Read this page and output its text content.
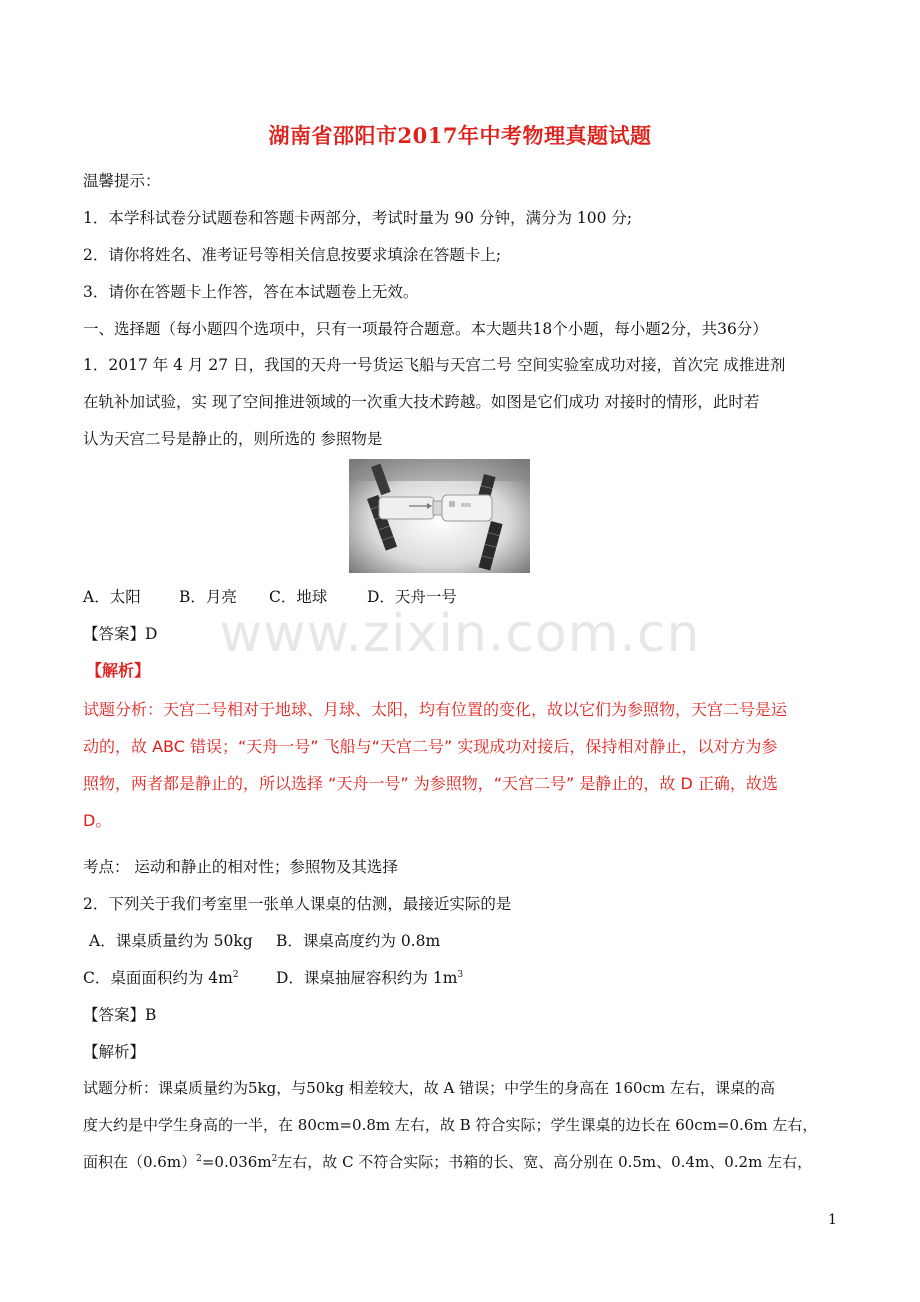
湖南省邵阳市2017年中考物理真题试题
温馨提示：
1．本学科试卷分试题卷和答题卡两部分，考试时量为 90 分钟，满分为 100 分;
2．请你将姓名、准考证号等相关信息按要求填涂在答题卡上;
3．请你在答题卡上作答，答在本试题卷上无效。
一、选择题（每小题四个选项中，只有一项最符合题意。本大题共18个小题，每小题2分，共36分）
1．2017 年 4 月 27 日，我国的天舟一号货运飞船与天宫二号 空间实验室成功对接，首次完 成推进剂
在轨补加试验，实 现了空间推进领域的一次重大技术跨越。如图是它们成功 对接时的情形，此时若
认为天宫二号是静止的，则所选的 参照物是
A．太阳 B．月亮 C．地球	D．天舟一号
【答案】D	www.zixin.com.cn
【解析】
试题分析：天宫二号相对于地球、月球、太阳，均有位置的变化，故以它们为参照物，天宫二号是运
动的，故 ABC 错误；“天舟一号” 飞船与“天宫二号” 实现成功对接后，保持相对静止，以对方为参
照物，两者都是静止的，所以选择 “天舟一号” 为参照物，“天宫二号” 是静止的，故 D 正确，故选
D。
考点： 运动和静止的相对性；参照物及其选择
2．下列关于我们考室里一张单人课桌的估测，最接近实际的是
A．课桌质量约为 50kg B．课桌高度约为 0.8m
C．桌面面积约为 $4m^2$ D．课桌抽屉容积约为 $1m^3$
【答案】B
【解析】
试题分析：课桌质量约为5kg，与50kg 相差较大，故 A 错误；中学生的身高在 160cm 左右，课桌的高
度大约是中学生身高的一半，在 80cm=0.8m 左右，故 B 符合实际；学生课桌的边长在 60cm=0.6m 左右，
面积在$(0.6m)^2=0.036m^2$左右，故 C 不符合实际；书箱的长、宽、高分别在 0.5m、0.4m、0.2m 左右，
1
